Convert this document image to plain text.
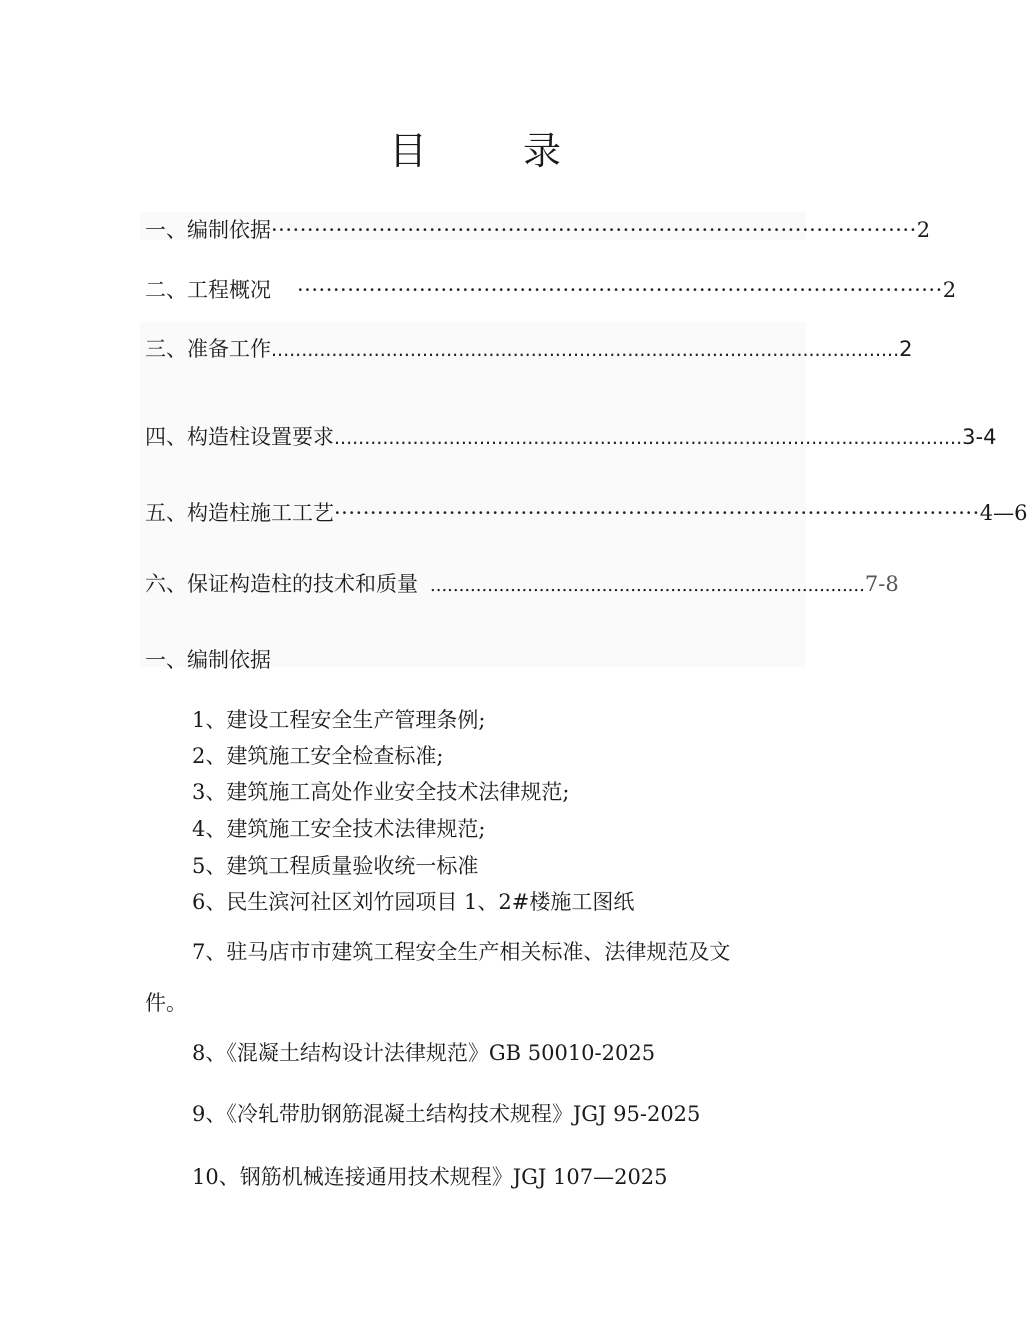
目	录
一、编制依据 ·························································································· 2
二、工程概况 ·························································································· 2
三、准备工作 ........................................................................................................ 2
四、构造柱设置要求 ........................................................................................................ 3-4
五、构造柱施工工艺 ·························································································· 4—6
六、保证构造柱的技术和质量 ............................................................................ 7-8
一、编制依据
1、建设工程安全生产管理条例;
2、建筑施工安全检查标准;
3、建筑施工高处作业安全技术法律规范;
4、建筑施工安全技术法律规范;
5、建筑工程质量验收统一标准
6、民生滨河社区刘竹园项目 1、2#楼施工图纸
7、驻马店市市建筑工程安全生产相关标准、法律规范及文
件。
8、《混凝土结构设计法律规范》GB 50010-2025
9、《冷轧带肋钢筋混凝土结构技术规程》JGJ 95-2025
10、钢筋机械连接通用技术规程》JGJ 107—2025
